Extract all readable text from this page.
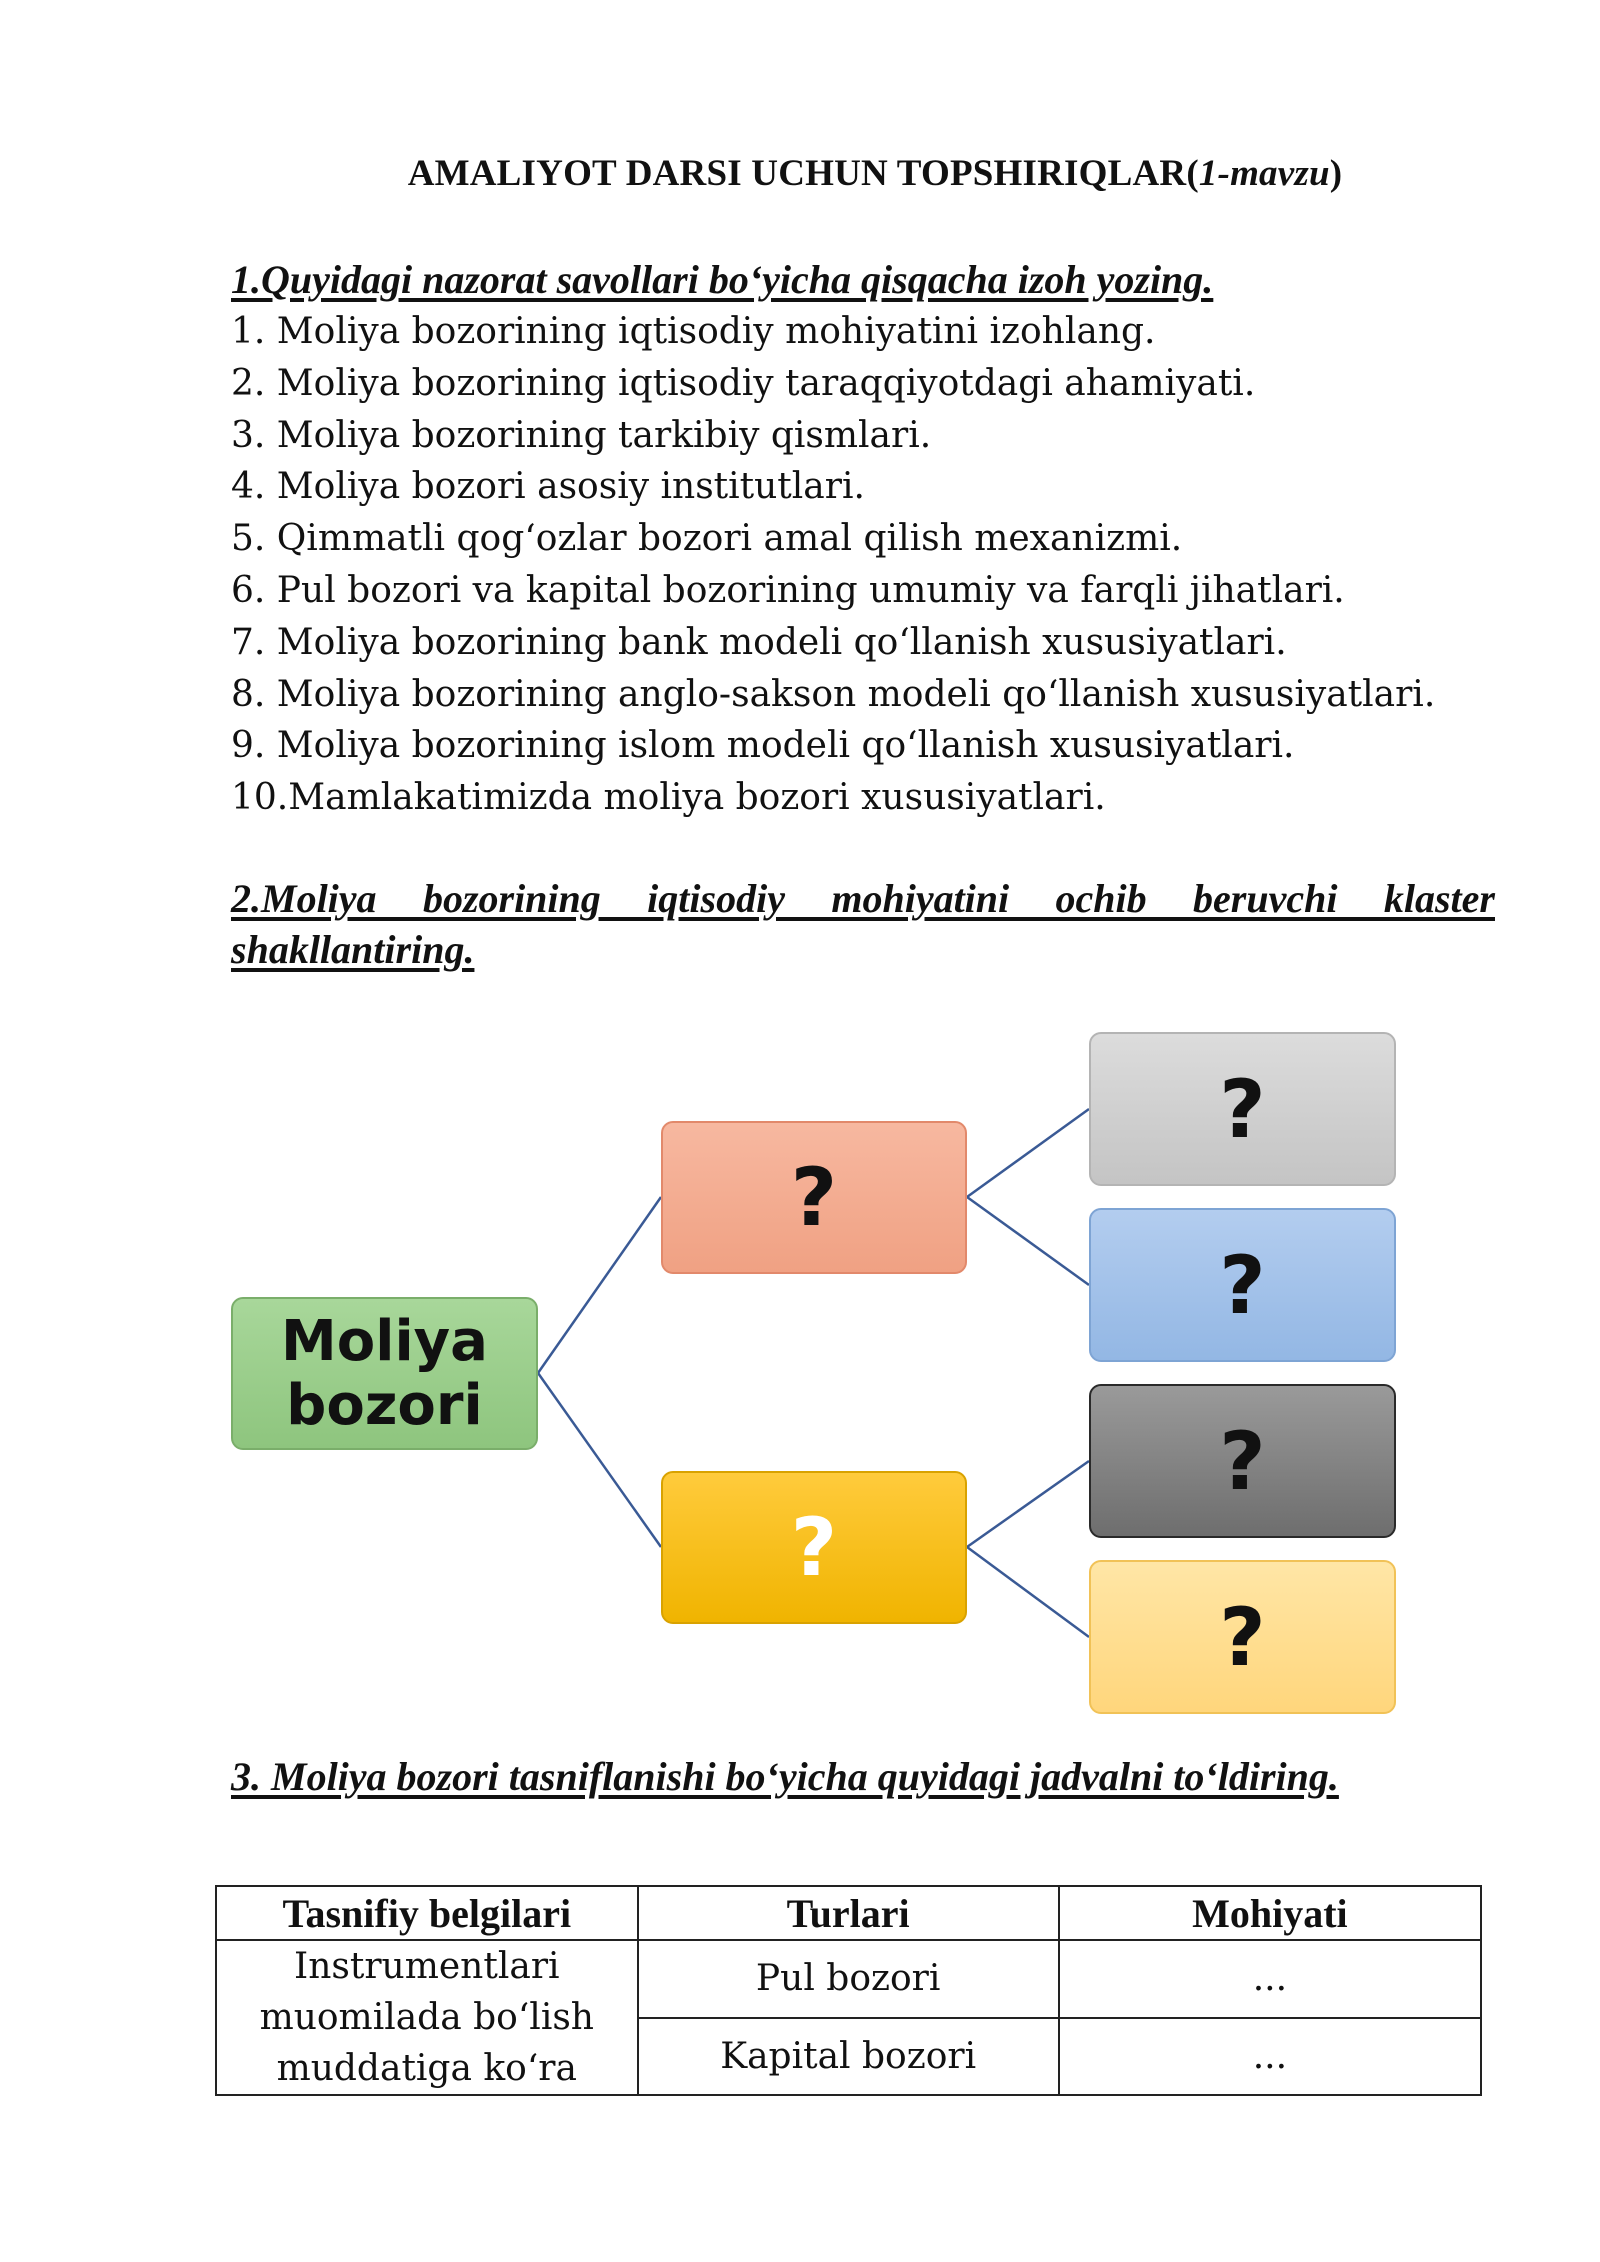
AMALIYOT DARSI UCHUN TOPSHIRIQLAR(1-mavzu)
1.Quyidagi nazorat savollari bo‘yicha qisqacha izoh yozing.
1. Moliya bozorining iqtisodiy mohiyatini izohlang.
2. Moliya bozorining iqtisodiy taraqqiyotdagi ahamiyati.
3. Moliya bozorining tarkibiy qismlari.
4. Moliya bozori asosiy institutlari.
5. Qimmatli qog‘ozlar bozori amal qilish mexanizmi.
6. Pul bozori va kapital bozorining umumiy va farqli jihatlari.
7. Moliya bozorining bank modeli qo‘llanish xususiyatlari.
8. Moliya bozorining anglo-sakson modeli qo‘llanish xususiyatlari.
9. Moliya bozorining islom modeli qo‘llanish xususiyatlari.
10.Mamlakatimizda moliya bozori xususiyatlari.
2.Moliya bozorining iqtisodiy mohiyatini ochib beruvchi klaster shakllantiring.
Moliya
bozori
?
?
?
?
?
?
3. Moliya bozori tasniflanishi bo‘yicha quyidagi jadvalni to‘ldiring.
Tasnifiy belgilari	Turlari	Mohiyati

Instrumentlari
muomilada bo‘lish
muddatiga ko‘ra	Pul bozori	...
	Kapital bozori	...
